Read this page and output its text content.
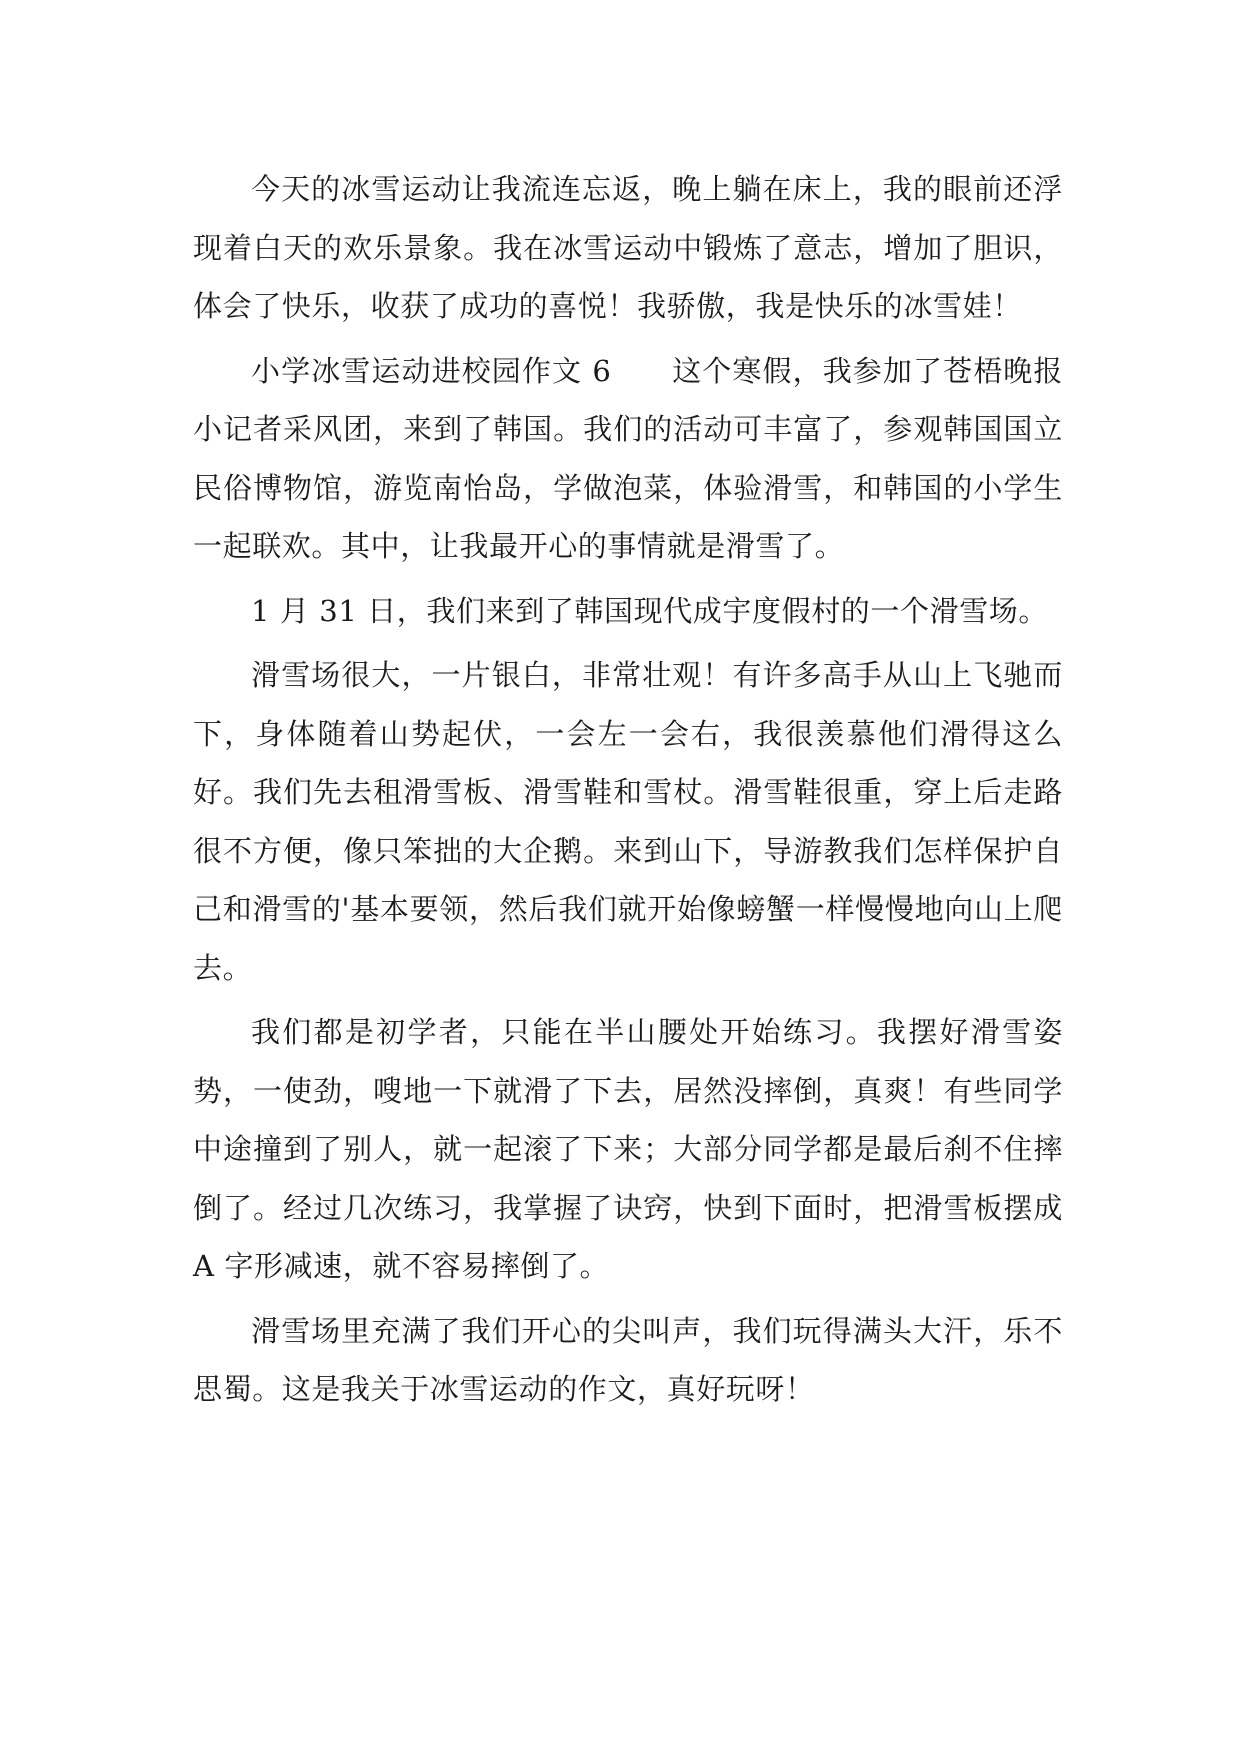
今天的冰雪运动让我流连忘返，晚上躺在床上，我的眼前还浮现着白天的欢乐景象。我在冰雪运动中锻炼了意志，增加了胆识，体会了快乐，收获了成功的喜悦！我骄傲，我是快乐的冰雪娃！

小学冰雪运动进校园作文 6　　 这个寒假，我参加了苍梧晚报小记者采风团，来到了韩国。我们的活动可丰富了，参观韩国国立民俗博物馆，游览南怡岛，学做泡菜，体验滑雪，和韩国的小学生一起联欢。其中，让我最开心的事情就是滑雪了。

1 月 31 日，我们来到了韩国现代成宇度假村的一个滑雪场。

滑雪场很大，一片银白，非常壮观！有许多高手从山上飞驰而下，身体随着山势起伏，一会左一会右，我很羡慕他们滑得这么好。我们先去租滑雪板、滑雪鞋和雪杖。滑雪鞋很重，穿上后走路很不方便，像只笨拙的大企鹅。来到山下，导游教我们怎样保护自己和滑雪的'基本要领，然后我们就开始像螃蟹一样慢慢地向山上爬去。

我们都是初学者，只能在半山腰处开始练习。我摆好滑雪姿势，一使劲，嗖地一下就滑了下去，居然没摔倒，真爽！有些同学中途撞到了别人，就一起滚了下来；大部分同学都是最后刹不住摔倒了。经过几次练习，我掌握了诀窍，快到下面时，把滑雪板摆成 A 字形减速，就不容易摔倒了。

滑雪场里充满了我们开心的尖叫声，我们玩得满头大汗，乐不思蜀。这是我关于冰雪运动的作文，真好玩呀！
